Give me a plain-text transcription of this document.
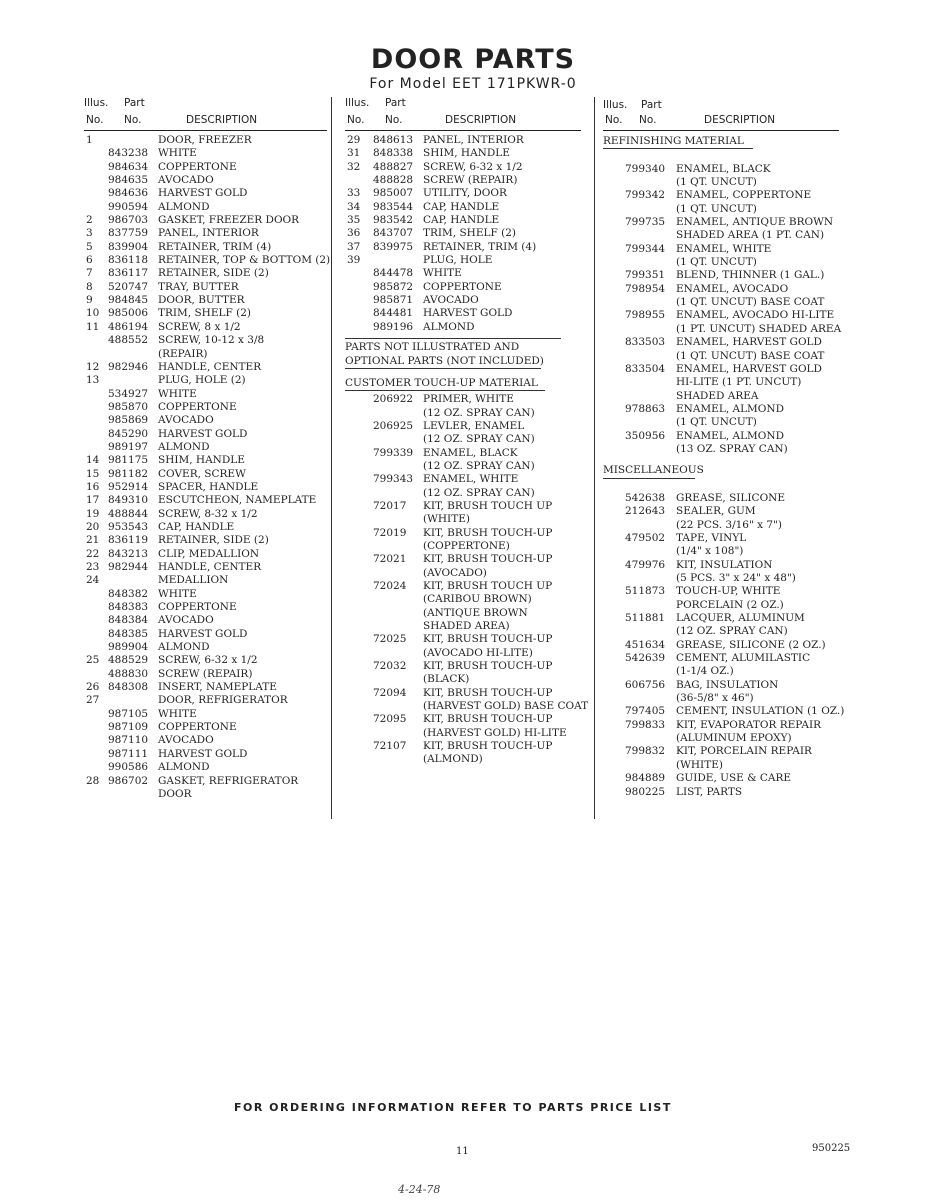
DOOR PARTS
For Model EET 171PKWR-0
Illus. Part
No. No.	DESCRIPTION
1	DOOR, FREEZER
843238 WHITE
984634 COPPERTONE
984635 AVOCADO
984636 HARVEST GOLD
990594 ALMOND
2 986703 GASKET, FREEZER DOOR
3 837759 PANEL, INTERIOR
5 839904 RETAINER, TRIM (4)
6 836118 RETAINER, TOP & BOTTOM (2)
7 836117 RETAINER, SIDE (2)
8 520747 TRAY, BUTTER
9 984845 DOOR, BUTTER
10 985006 TRIM, SHELF (2)
11 486194 SCREW, 8 x 1/2
488552 SCREW, 10-12 x 3/8
(REPAIR)
12 982946 HANDLE, CENTER
13	PLUG, HOLE (2)
534927 WHITE
985870 COPPERTONE
985869 AVOCADO
845290 HARVEST GOLD
989197 ALMOND
14 981175 SHIM, HANDLE
15 981182 COVER, SCREW
16 952914 SPACER, HANDLE
17 849310 ESCUTCHEON, NAMEPLATE
19 488844 SCREW, 8-32 x 1/2
20 953543 CAP, HANDLE
21 836119 RETAINER, SIDE (2)
22 843213 CLIP, MEDALLION
23 982944 HANDLE, CENTER
24	MEDALLION
848382 WHITE
848383 COPPERTONE
848384 AVOCADO
848385 HARVEST GOLD
989904 ALMOND
25 488529 SCREW, 6-32 x 1/2
488830 SCREW (REPAIR)
26 848308 INSERT, NAMEPLATE
27	DOOR, REFRIGERATOR
987105 WHITE
987109 COPPERTONE
987110 AVOCADO
987111 HARVEST GOLD
990586 ALMOND
28 986702 GASKET, REFRIGERATOR
DOOR
Illus. Part
No. No.	DESCRIPTION
29 848613 PANEL, INTERIOR
31 848338 SHIM, HANDLE
32 488827 SCREW, 6-32 x 1/2
488828 SCREW (REPAIR)
33 985007 UTILITY, DOOR
34 983544 CAP, HANDLE
35 983542 CAP, HANDLE
36 843707 TRIM, SHELF (2)
37 839975 RETAINER, TRIM (4)
39	PLUG, HOLE
844478 WHITE
985872 COPPERTONE
985871 AVOCADO
844481 HARVEST GOLD
989196 ALMOND
PARTS NOT ILLUSTRATED AND
OPTIONAL PARTS (NOT INCLUDED)
CUSTOMER TOUCH-UP MATERIAL
206922 PRIMER, WHITE
(12 OZ. SPRAY CAN)
206925 LEVLER, ENAMEL
(12 OZ. SPRAY CAN)
799339 ENAMEL, BLACK
(12 OZ. SPRAY CAN)
799343 ENAMEL, WHITE
(12 OZ. SPRAY CAN)
72017 KIT, BRUSH TOUCH UP
(WHITE)
72019 KIT, BRUSH TOUCH-UP
(COPPERTONE)
72021 KIT, BRUSH TOUCH-UP
(AVOCADO)
72024 KIT, BRUSH TOUCH UP
(CARIBOU BROWN)
(ANTIQUE BROWN
SHADED AREA)
72025 KIT, BRUSH TOUCH-UP
(AVOCADO HI-LITE)
72032 KIT, BRUSH TOUCH-UP
(BLACK)
72094 KIT, BRUSH TOUCH-UP
(HARVEST GOLD) BASE COAT
72095 KIT, BRUSH TOUCH-UP
(HARVEST GOLD) HI-LITE
72107 KIT, BRUSH TOUCH-UP
(ALMOND)
Illus. Part
No. No.	DESCRIPTION
REFINISHING MATERIAL
799340 ENAMEL, BLACK
(1 QT. UNCUT)
799342 ENAMEL, COPPERTONE
(1 QT. UNCUT)
799735 ENAMEL, ANTIQUE BROWN
SHADED AREA (1 PT. CAN)
799344 ENAMEL, WHITE
(1 QT. UNCUT)
799351 BLEND, THINNER (1 GAL.)
798954 ENAMEL, AVOCADO
(1 QT. UNCUT) BASE COAT
798955 ENAMEL, AVOCADO HI-LITE
(1 PT. UNCUT) SHADED AREA
833503 ENAMEL, HARVEST GOLD
(1 QT. UNCUT) BASE COAT
833504 ENAMEL, HARVEST GOLD
HI-LITE (1 PT. UNCUT)
SHADED AREA
978863 ENAMEL, ALMOND
(1 QT. UNCUT)
350956 ENAMEL, ALMOND
(13 OZ. SPRAY CAN)
MISCELLANEOUS
542638 GREASE, SILICONE
212643 SEALER, GUM
(22 PCS. 3/16" x 7")
479502 TAPE, VINYL
(1/4" x 108")
479976 KIT, INSULATION
(5 PCS. 3" x 24" x 48")
511873 TOUCH-UP, WHITE
PORCELAIN (2 OZ.)
511881 LACQUER, ALUMINUM
(12 OZ. SPRAY CAN)
451634 GREASE, SILICONE (2 OZ.)
542639 CEMENT, ALUMILASTIC
(1-1/4 OZ.)
606756 BAG, INSULATION
(36-5/8" x 46")
797405 CEMENT, INSULATION (1 OZ.)
799833 KIT, EVAPORATOR REPAIR
(ALUMINUM EPOXY)
799832 KIT, PORCELAIN REPAIR
(WHITE)
984889 GUIDE, USE & CARE
980225 LIST, PARTS
FOR ORDERING INFORMATION REFER TO PARTS PRICE LIST
11	950225
4-24-78
